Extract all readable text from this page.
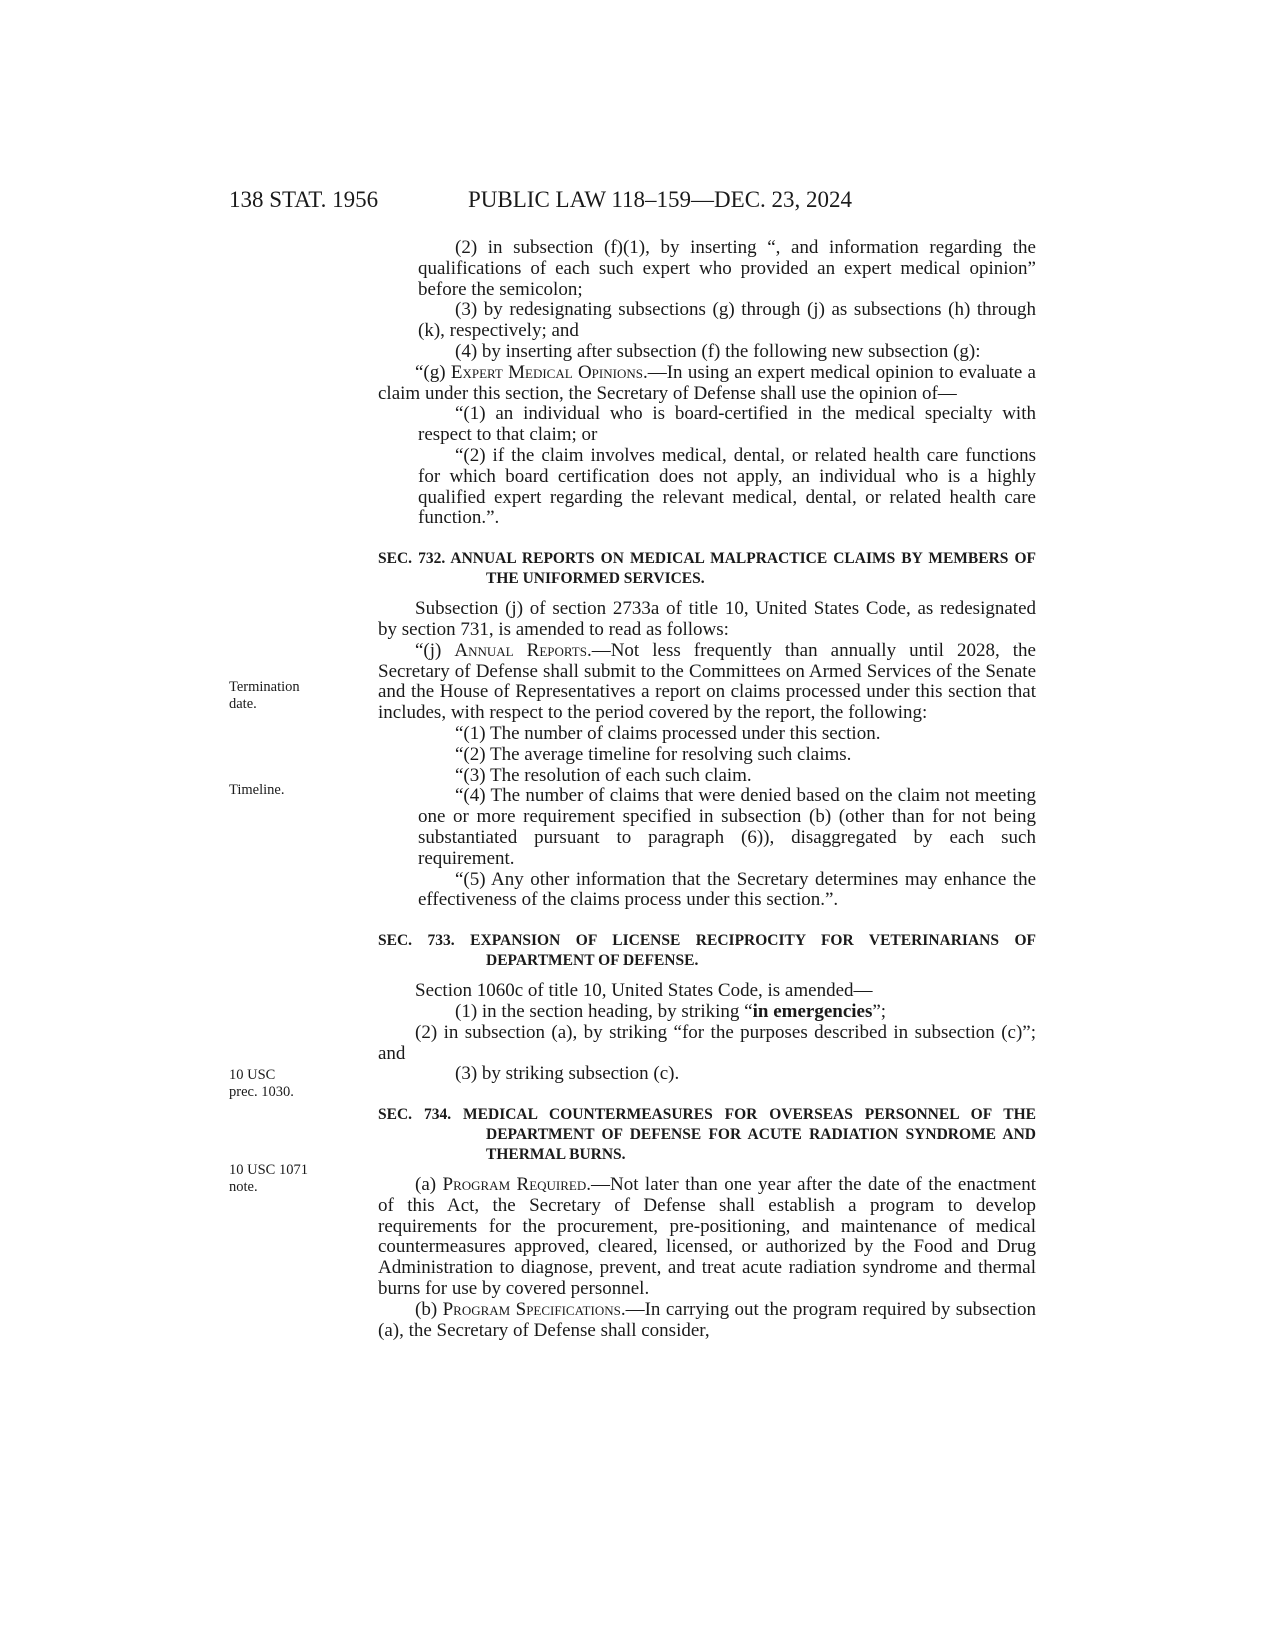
138 STAT. 1956	PUBLIC LAW 118–159—DEC. 23, 2024
Termination
date.
Timeline.
10 USC
prec. 1030.
10 USC 1071
note.

(2) in subsection (f)(1), by inserting “, and information regarding the qualifications of each such expert who provided an expert medical opinion” before the semicolon;

(3) by redesignating subsections (g) through (j) as subsections (h) through (k), respectively; and

(4) by inserting after subsection (f) the following new subsection (g):

“(g) Expert Medical Opinions.—In using an expert medical opinion to evaluate a claim under this section, the Secretary of Defense shall use the opinion of—

“(1) an individual who is board-certified in the medical specialty with respect to that claim; or

“(2) if the claim involves medical, dental, or related health care functions for which board certification does not apply, an individual who is a highly qualified expert regarding the relevant medical, dental, or related health care function.”.

SEC. 732. ANNUAL REPORTS ON MEDICAL MALPRACTICE CLAIMS BY MEMBERS OF THE UNIFORMED SERVICES.

Subsection (j) of section 2733a of title 10, United States Code, as redesignated by section 731, is amended to read as follows:

“(j) Annual Reports.—Not less frequently than annually until 2028, the Secretary of Defense shall submit to the Committees on Armed Services of the Senate and the House of Representatives a report on claims processed under this section that includes, with respect to the period covered by the report, the following:

“(1) The number of claims processed under this section.

“(2) The average timeline for resolving such claims.

“(3) The resolution of each such claim.

“(4) The number of claims that were denied based on the claim not meeting one or more requirement specified in subsection (b) (other than for not being substantiated pursuant to paragraph (6)), disaggregated by each such requirement.

“(5) Any other information that the Secretary determines may enhance the effectiveness of the claims process under this section.”.

SEC. 733. EXPANSION OF LICENSE RECIPROCITY FOR VETERINARIANS OF DEPARTMENT OF DEFENSE.

Section 1060c of title 10, United States Code, is amended—

(1) in the section heading, by striking “in emergencies”;

(2) in subsection (a), by striking “for the purposes described in subsection (c)”; and

(3) by striking subsection (c).

SEC. 734. MEDICAL COUNTERMEASURES FOR OVERSEAS PERSONNEL OF THE DEPARTMENT OF DEFENSE FOR ACUTE RADIATION SYNDROME AND THERMAL BURNS.

(a) Program Required.—Not later than one year after the date of the enactment of this Act, the Secretary of Defense shall establish a program to develop requirements for the procurement, pre-positioning, and maintenance of medical countermeasures approved, cleared, licensed, or authorized by the Food and Drug Administration to diagnose, prevent, and treat acute radiation syndrome and thermal burns for use by covered personnel.

(b) Program Specifications.—In carrying out the program required by subsection (a), the Secretary of Defense shall consider,
